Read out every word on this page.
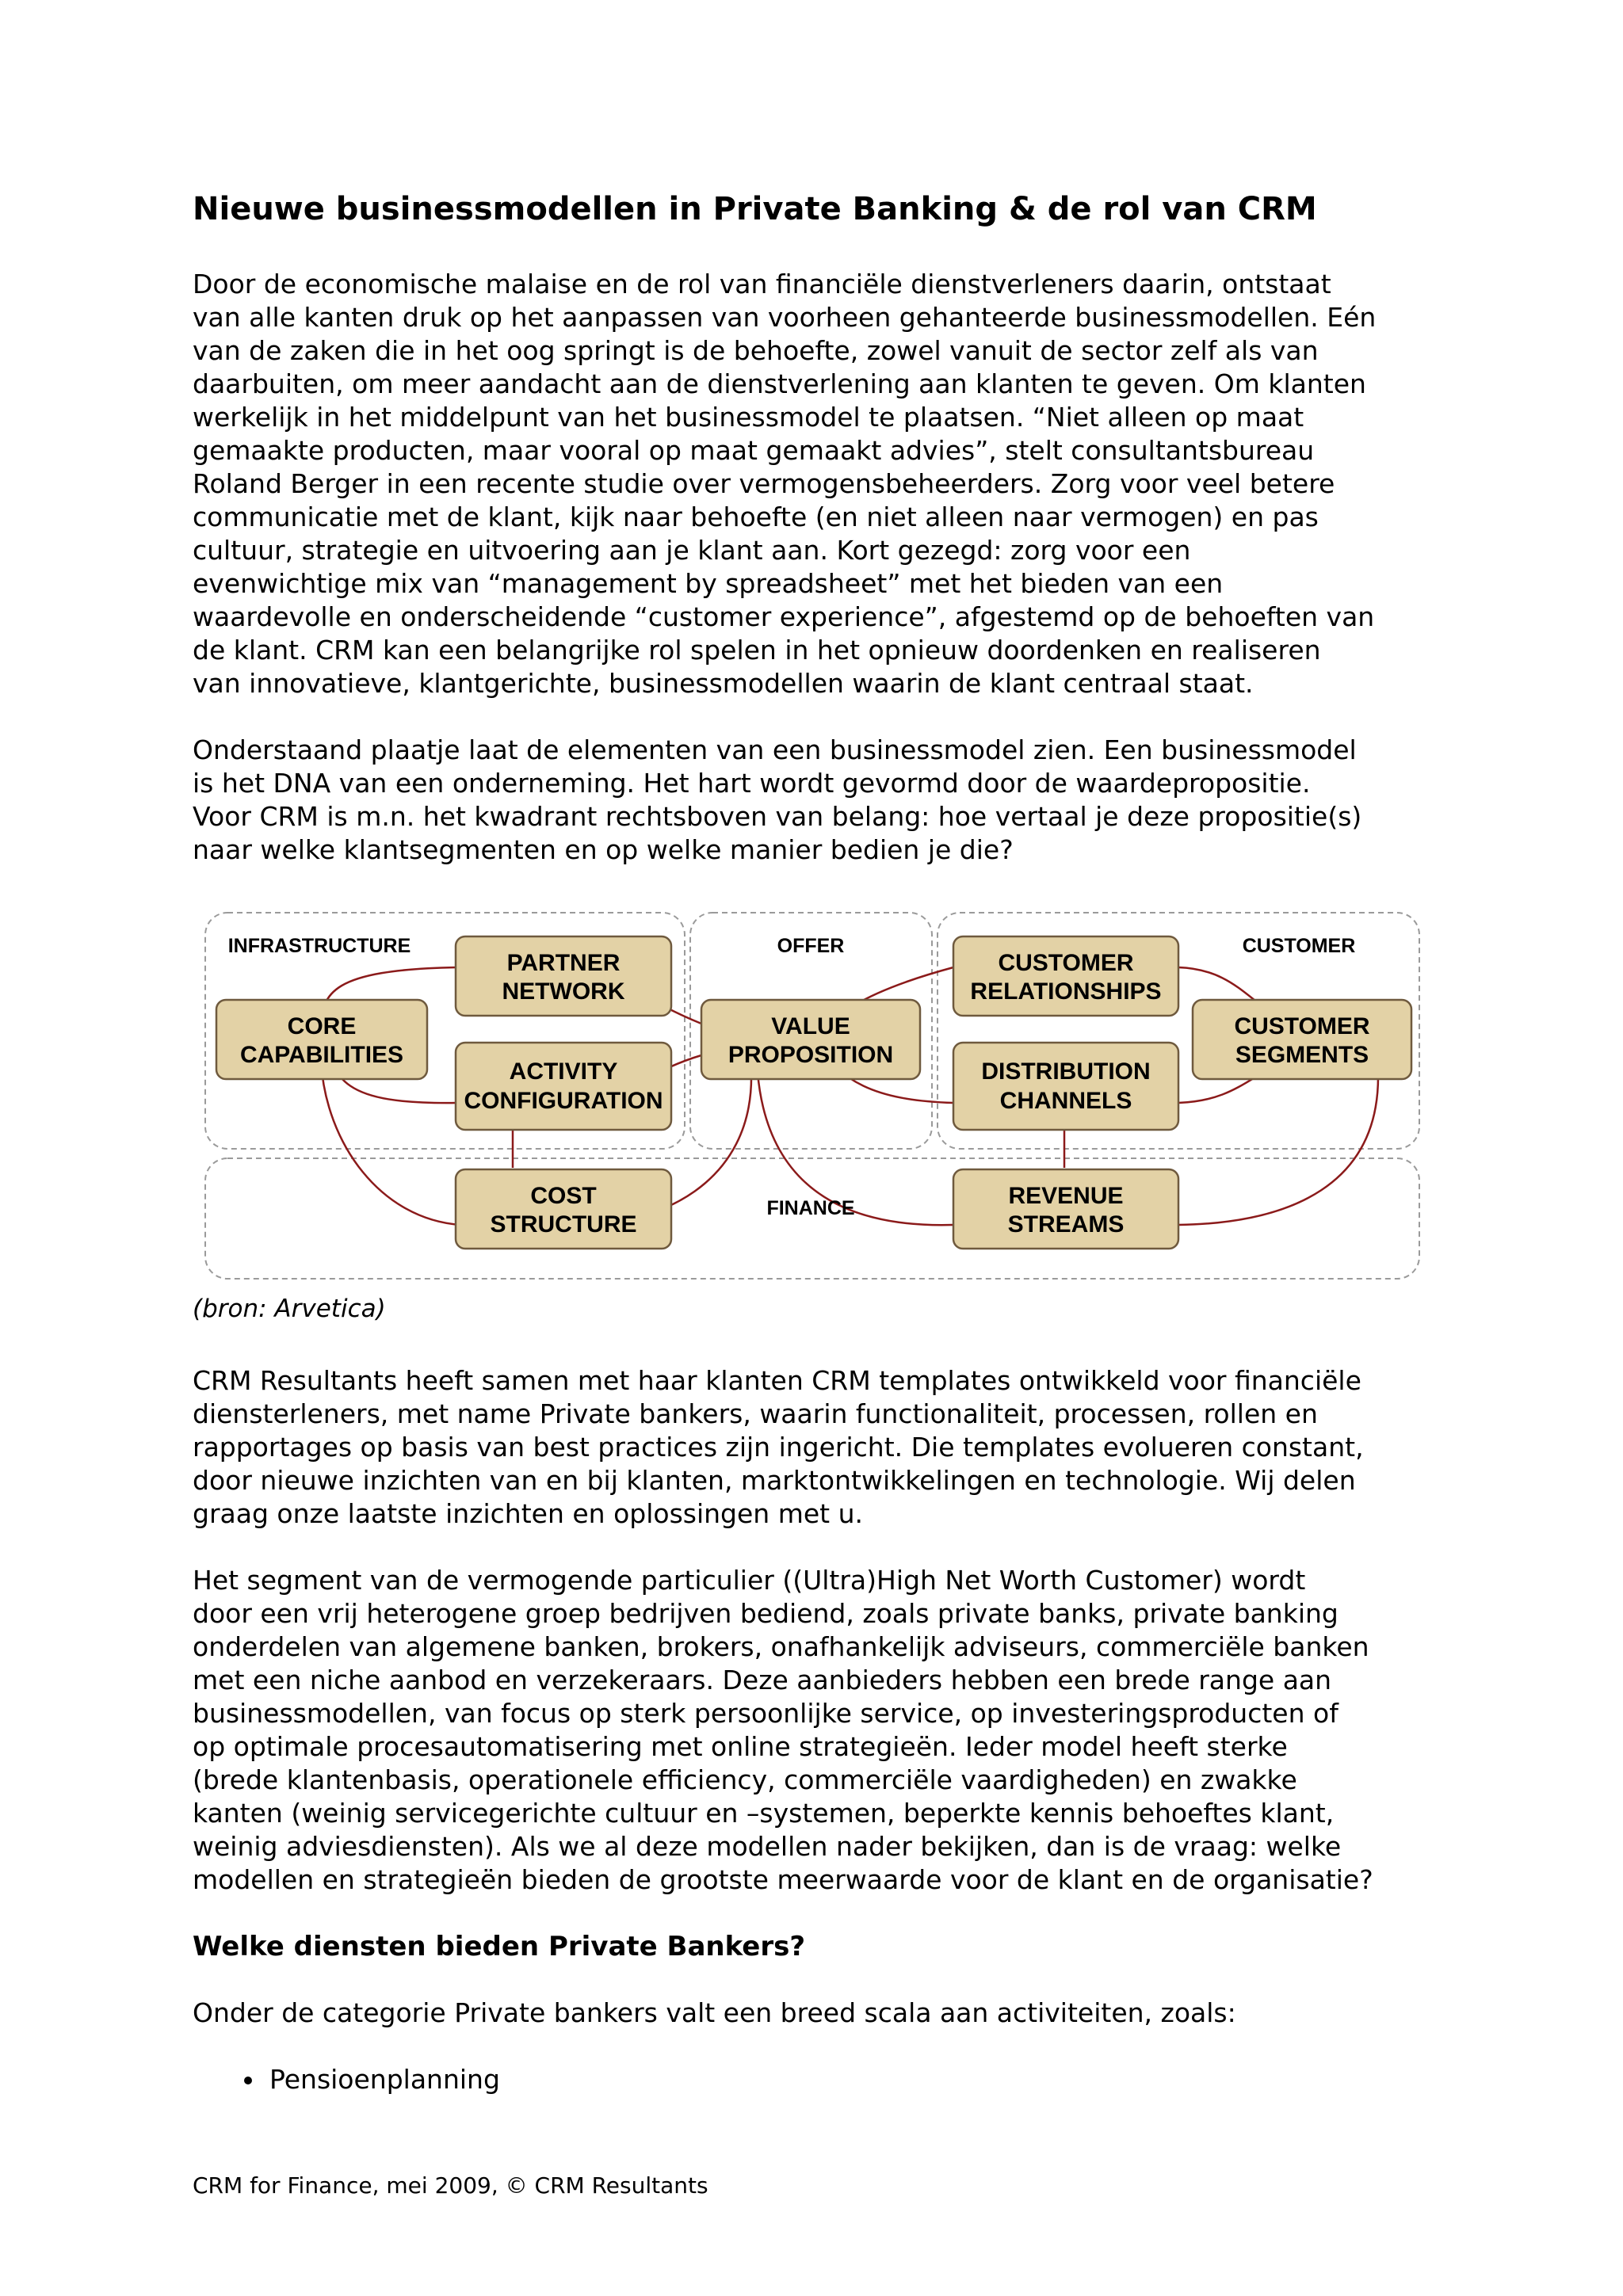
Nieuwe businessmodellen in Private Banking & de rol van CRM

Door de economische malaise en de rol van financiële dienstverleners daarin, ontstaat
van alle kanten druk op het aanpassen van voorheen gehanteerde businessmodellen. Eén
van de zaken die in het oog springt is de behoefte, zowel vanuit de sector zelf als van
daarbuiten, om meer aandacht aan de dienstverlening aan klanten te geven. Om klanten
werkelijk in het middelpunt van het businessmodel te plaatsen. “Niet alleen op maat
gemaakte producten, maar vooral op maat gemaakt advies”, stelt consultantsbureau
Roland Berger in een recente studie over vermogensbeheerders. Zorg voor veel betere
communicatie met de klant, kijk naar behoefte (en niet alleen naar vermogen) en pas
cultuur, strategie en uitvoering aan je klant aan. Kort gezegd: zorg voor een
evenwichtige mix van “management by spreadsheet” met het bieden van een
waardevolle en onderscheidende “customer experience”, afgestemd op de behoeften van
de klant. CRM kan een belangrijke rol spelen in het opnieuw doordenken en realiseren
van innovatieve, klantgerichte, businessmodellen waarin de klant centraal staat.

Onderstaand plaatje laat de elementen van een businessmodel zien. Een businessmodel
is het DNA van een onderneming. Het hart wordt gevormd door de waardepropositie.
Voor CRM is m.n. het kwadrant rechtsboven van belang: hoe vertaal je deze propositie(s)
naar welke klantsegmenten en op welke manier bedien je die?

INFRASTRUCTURE	OFFER	CUSTOMER
FINANCE
CORE
CAPABILITIES
PARTNER
NETWORK
ACTIVITY
CONFIGURATION
VALUE
PROPOSITION
CUSTOMER
RELATIONSHIPS
DISTRIBUTION
CHANNELS
CUSTOMER
SEGMENTS
COST
STRUCTURE
REVENUE
STREAMS

(bron: Arvetica)

CRM Resultants heeft samen met haar klanten CRM templates ontwikkeld voor financiële
diensterleners, met name Private bankers, waarin functionaliteit, processen, rollen en
rapportages op basis van best practices zijn ingericht. Die templates evolueren constant,
door nieuwe inzichten van en bij klanten, marktontwikkelingen en technologie. Wij delen
graag onze laatste inzichten en oplossingen met u.

Het segment van de vermogende particulier ((Ultra)High Net Worth Customer) wordt
door een vrij heterogene groep bedrijven bediend, zoals private banks, private banking
onderdelen van algemene banken, brokers, onafhankelijk adviseurs, commerciële banken
met een niche aanbod en verzekeraars. Deze aanbieders hebben een brede range aan
businessmodellen, van focus op sterk persoonlijke service, op investeringsproducten of
op optimale procesautomatisering met online strategieën. Ieder model heeft sterke
(brede klantenbasis, operationele efficiency, commerciële vaardigheden) en zwakke
kanten (weinig servicegerichte cultuur en –systemen, beperkte kennis behoeftes klant,
weinig adviesdiensten). Als we al deze modellen nader bekijken, dan is de vraag: welke
modellen en strategieën bieden de grootste meerwaarde voor de klant en de organisatie?

Welke diensten bieden Private Bankers?

Onder de categorie Private bankers valt een breed scala aan activiteiten, zoals:

Pensioenplanning
CRM for Finance, mei 2009, © CRM Resultants
